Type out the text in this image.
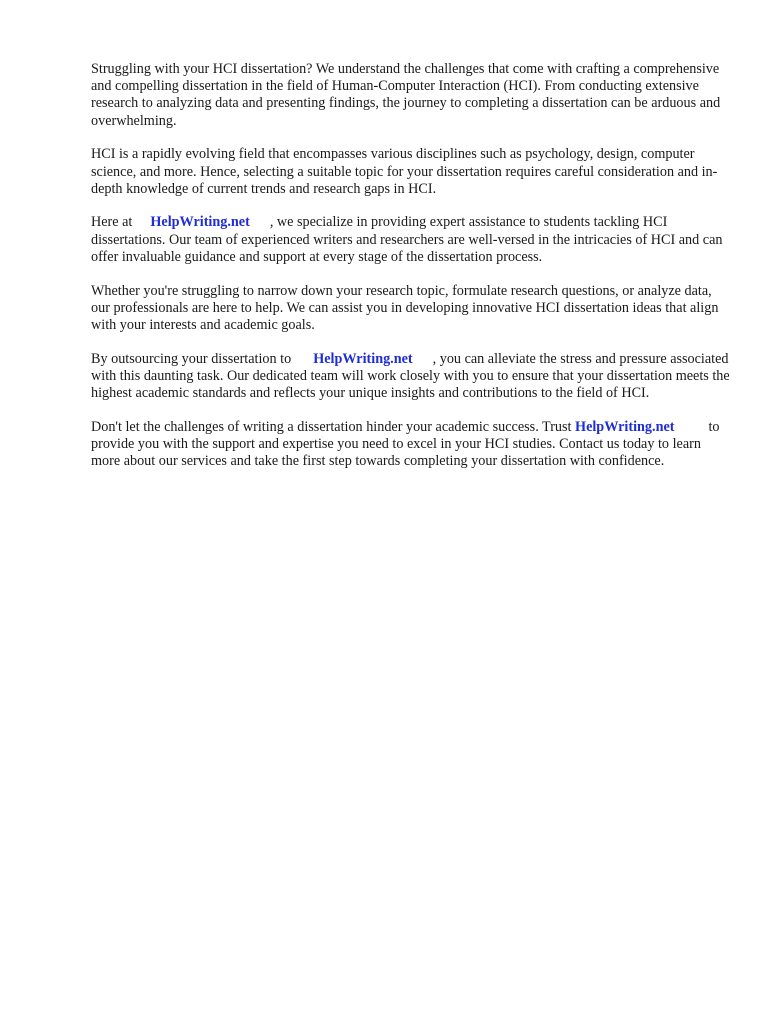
Struggling with your HCI dissertation? We understand the challenges that come with crafting a comprehensive and compelling dissertation in the field of Human-Computer Interaction (HCI). From conducting extensive research to analyzing data and presenting findings, the journey to completing a dissertation can be arduous and overwhelming.

HCI is a rapidly evolving field that encompasses various disciplines such as psychology, design, computer science, and more. Hence, selecting a suitable topic for your dissertation requires careful consideration and in-depth knowledge of current trends and research gaps in HCI.

Here at HelpWriting.net , we specialize in providing expert assistance to students tackling HCI dissertations. Our team of experienced writers and researchers are well-versed in the intricacies of HCI and can offer invaluable guidance and support at every stage of the dissertation process.

Whether you're struggling to narrow down your research topic, formulate research questions, or analyze data, our professionals are here to help. We can assist you in developing innovative HCI dissertation ideas that align with your interests and academic goals.

By outsourcing your dissertation to HelpWriting.net , you can alleviate the stress and pressure associated with this daunting task. Our dedicated team will work closely with you to ensure that your dissertation meets the highest academic standards and reflects your unique insights and contributions to the field of HCI.

Don't let the challenges of writing a dissertation hinder your academic success. Trust HelpWriting.net to provide you with the support and expertise you need to excel in your HCI studies. Contact us today to learn more about our services and take the first step towards completing your dissertation with confidence.
